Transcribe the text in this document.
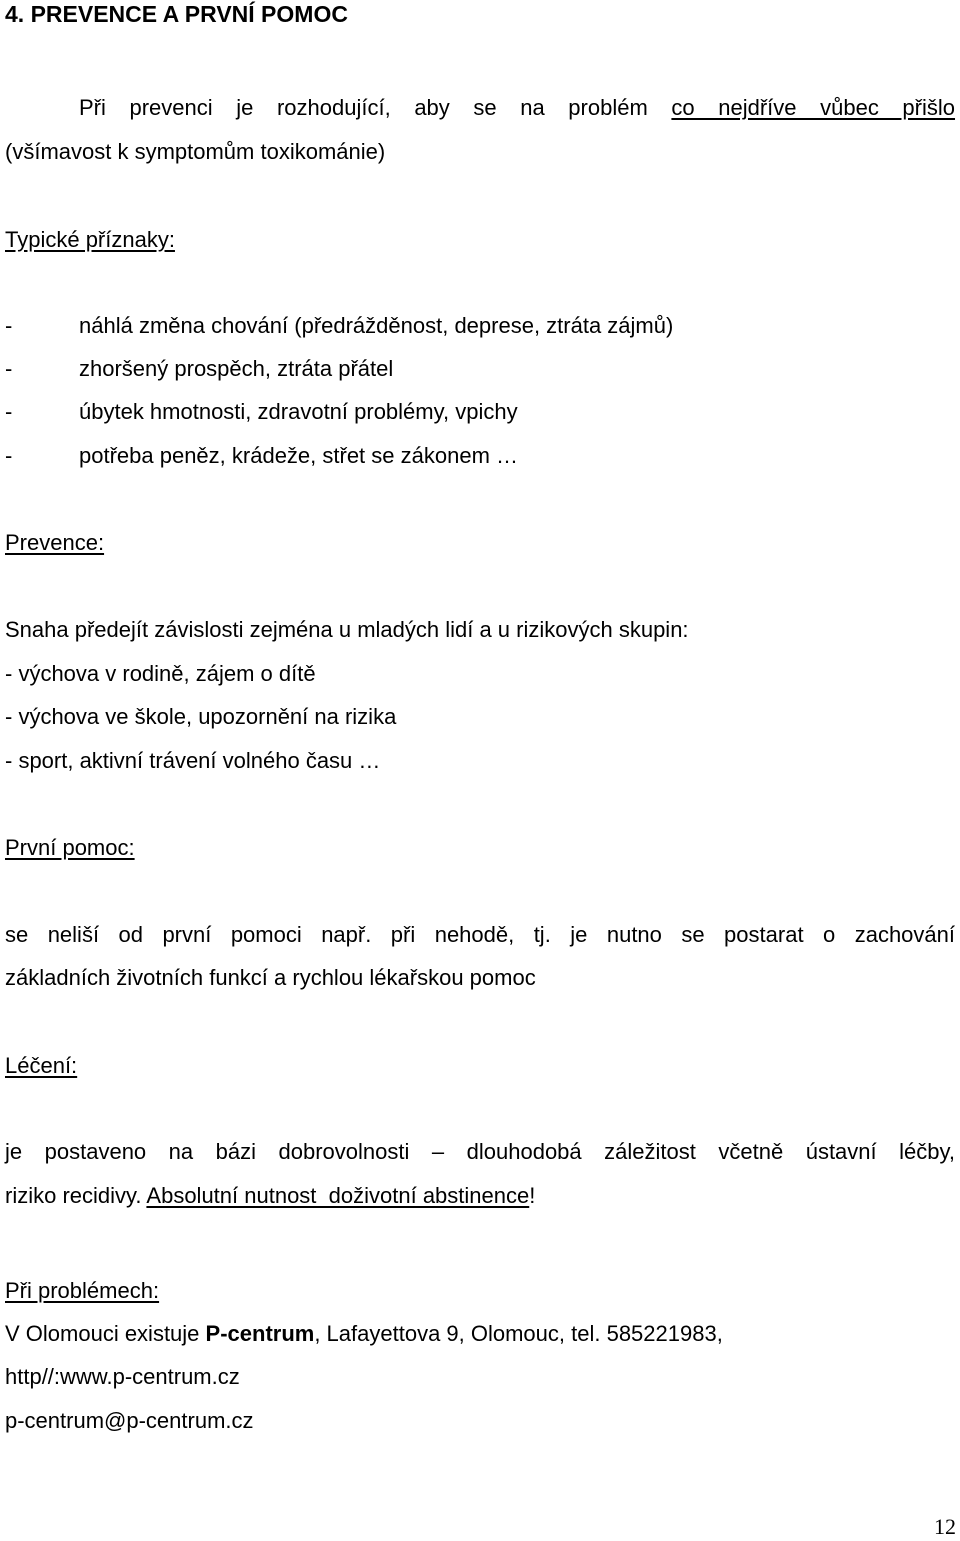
4. PREVENCE A PRVNÍ POMOC
Při prevenci je rozhodující, aby se na problém co nejdříve vůbec přišlo
(všímavost k symptomům toxikománie)
Typické příznaky:
-	náhlá změna chování (předrážděnost, deprese, ztráta zájmů)
-	zhoršený prospěch, ztráta přátel
-	úbytek hmotnosti, zdravotní problémy, vpichy
-	potřeba peněz, krádeže, střet se zákonem …
Prevence:
Snaha předejít závislosti zejména u mladých lidí a u rizikových skupin:
- výchova v rodině, zájem o dítě
- výchova ve škole, upozornění na rizika
- sport, aktivní trávení volného času …
První pomoc:
se neliší od první pomoci např. při nehodě, tj. je nutno se postarat o zachování
základních životních funkcí a rychlou lékařskou pomoc
Léčení:
je postaveno na bázi dobrovolnosti – dlouhodobá záležitost včetně ústavní léčby,
riziko recidivy. Absolutní nutnost_doživotní abstinence!
Při problémech:
V Olomouci existuje P-centrum, Lafayettova 9, Olomouc, tel. 585221983,
http//:www.p-centrum.cz
p-centrum@p-centrum.cz
12
